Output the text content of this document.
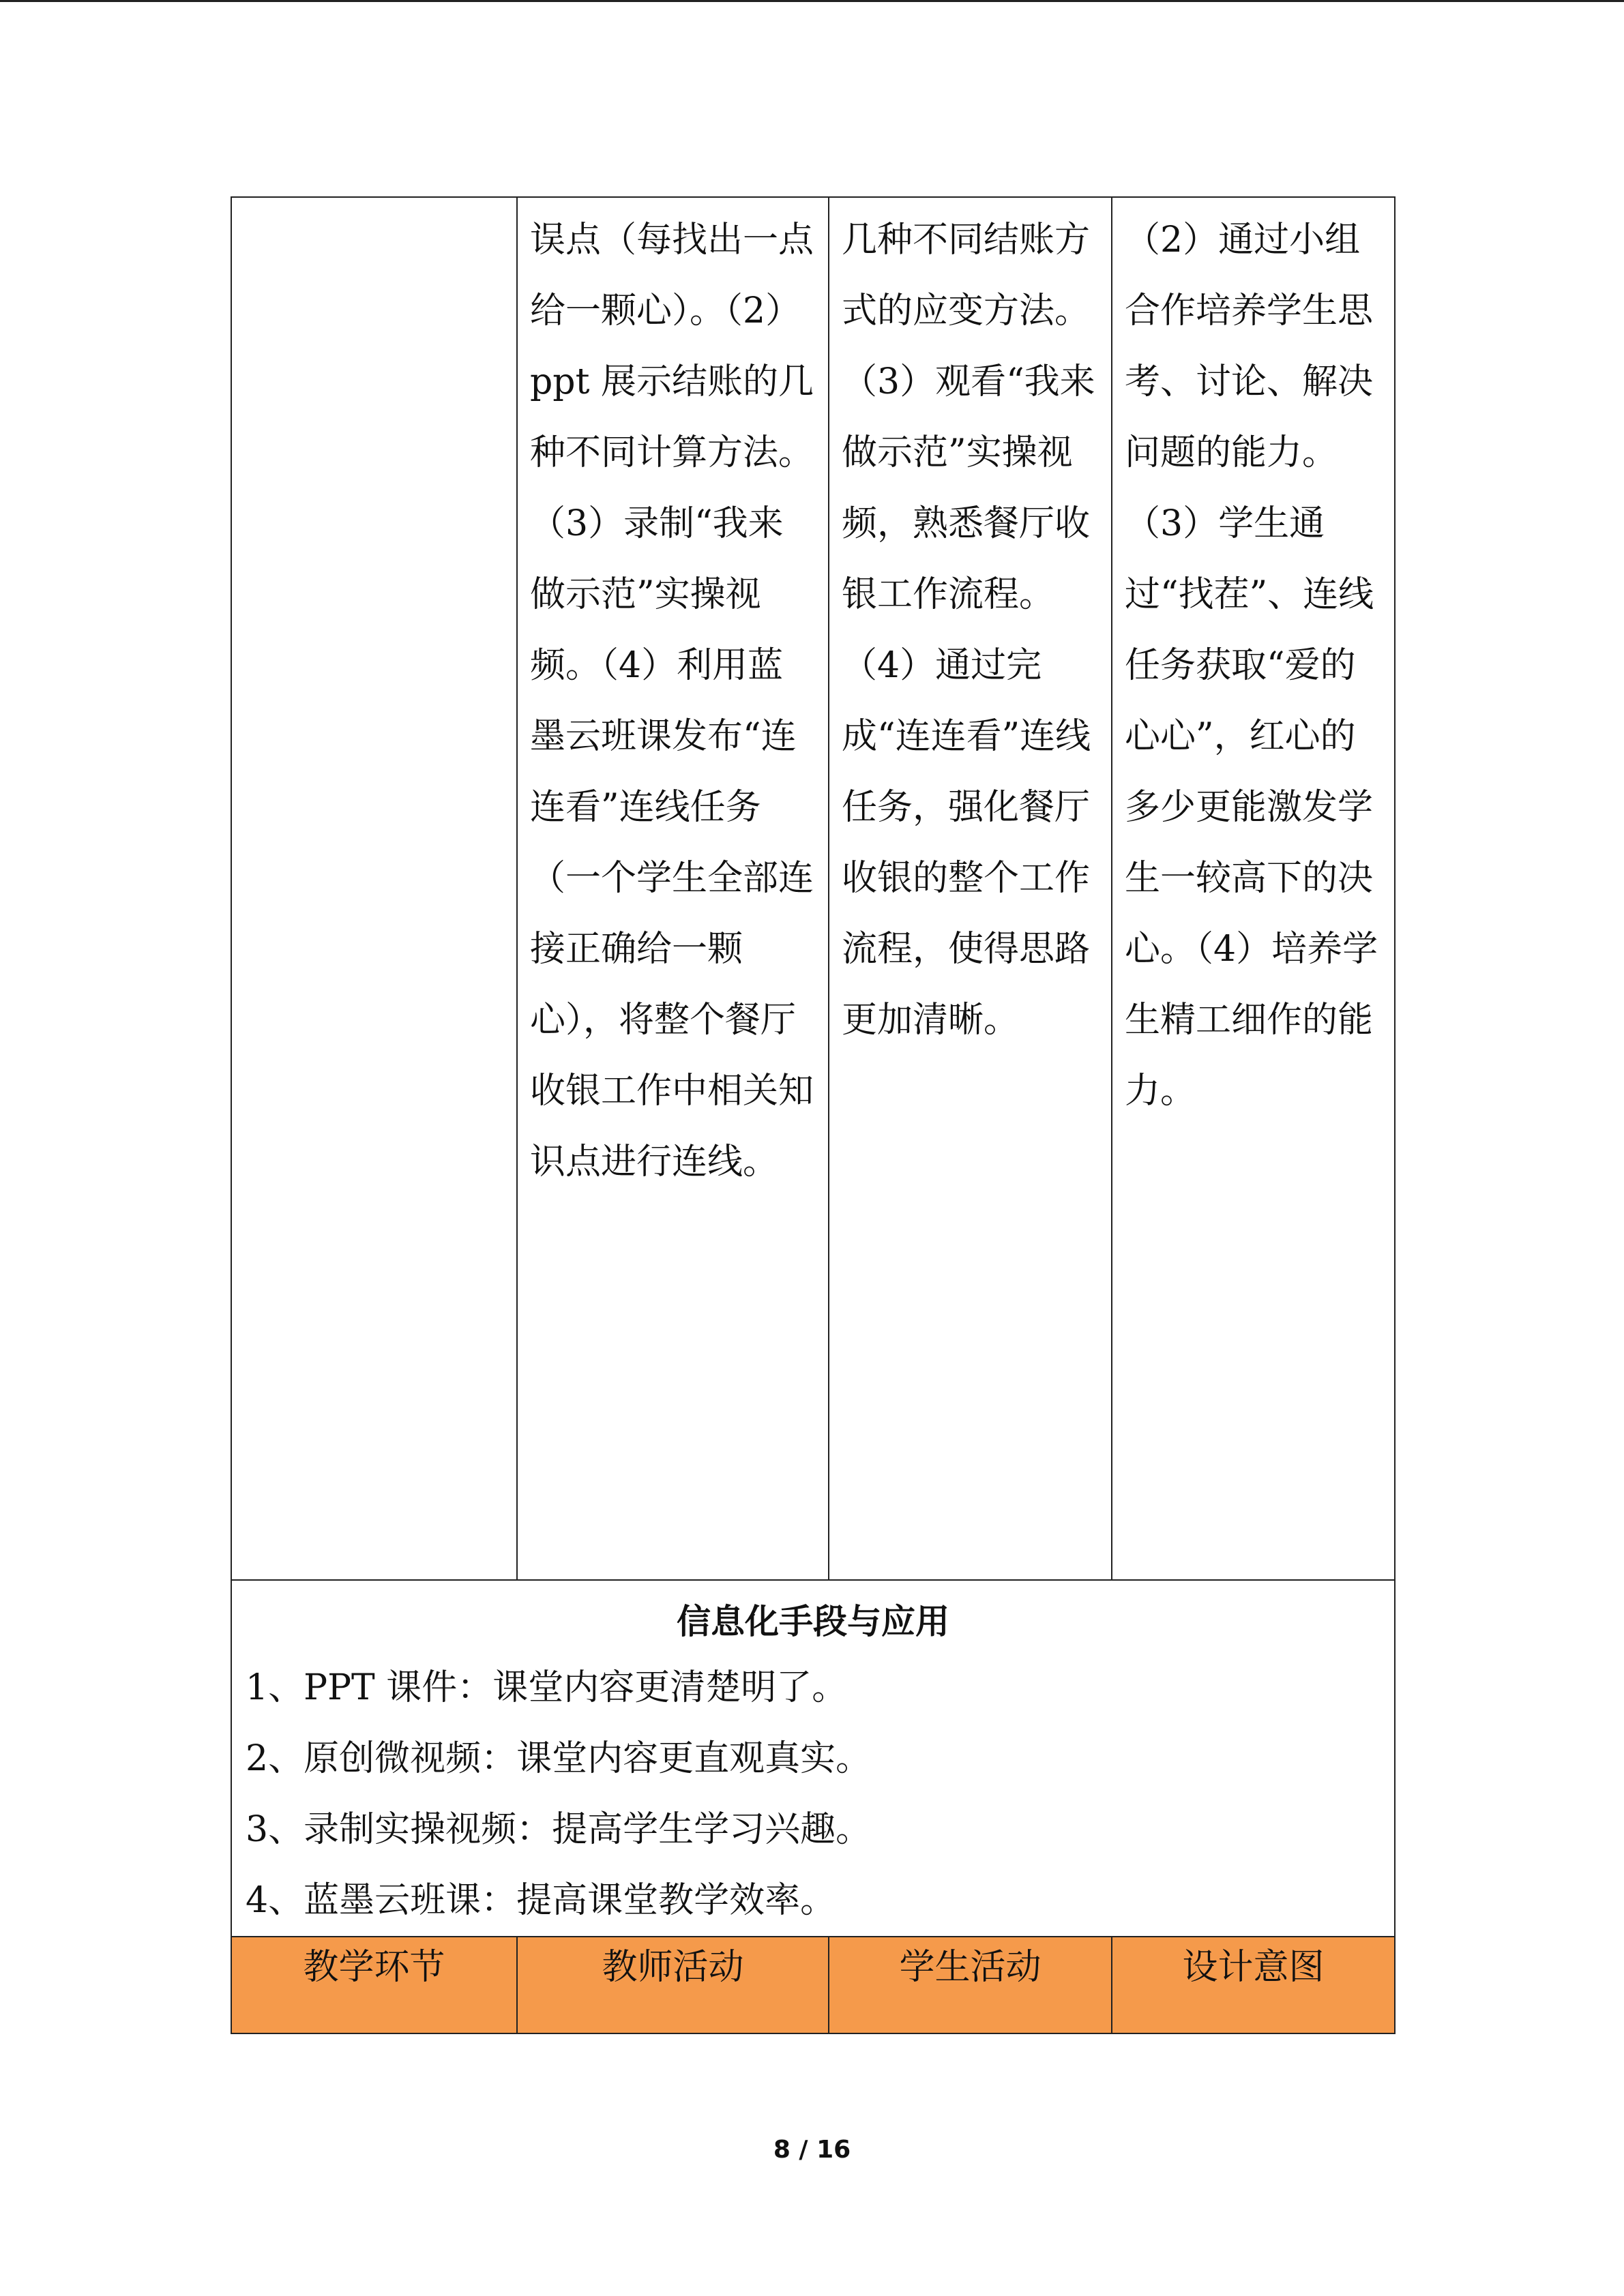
	误点（每找出一点给一颗心）。（2）ppt 展示结账的几种不同计算方法。（3）录制“我来做示范”实操视频。（4）利用蓝墨云班课发布“连连看”连线任务（一个学生全部连接正确给一颗心），将整个餐厅收银工作中相关知识点进行连线。	几种不同结账方式的应变方法。（3）观看“我来做示范”实操视频，熟悉餐厅收银工作流程。（4）通过完成“连连看”连线任务，强化餐厅收银的整个工作流程，使得思路更加清晰。	（2）通过小组合作培养学生思考、讨论、解决问题的能力。（3）学生通过“找茬”、连线任务获取“爱的心心”，红心的多少更能激发学生一较高下的决心。（4）培养学生精工细作的能力。

信息化手段与应用
1、PPT 课件：课堂内容更清楚明了。
2、原创微视频：课堂内容更直观真实。
3、录制实操视频：提高学生学习兴趣。
4、蓝墨云班课：提高课堂教学效率。			

教学环节	教师活动	学生活动	设计意图
8 / 16
